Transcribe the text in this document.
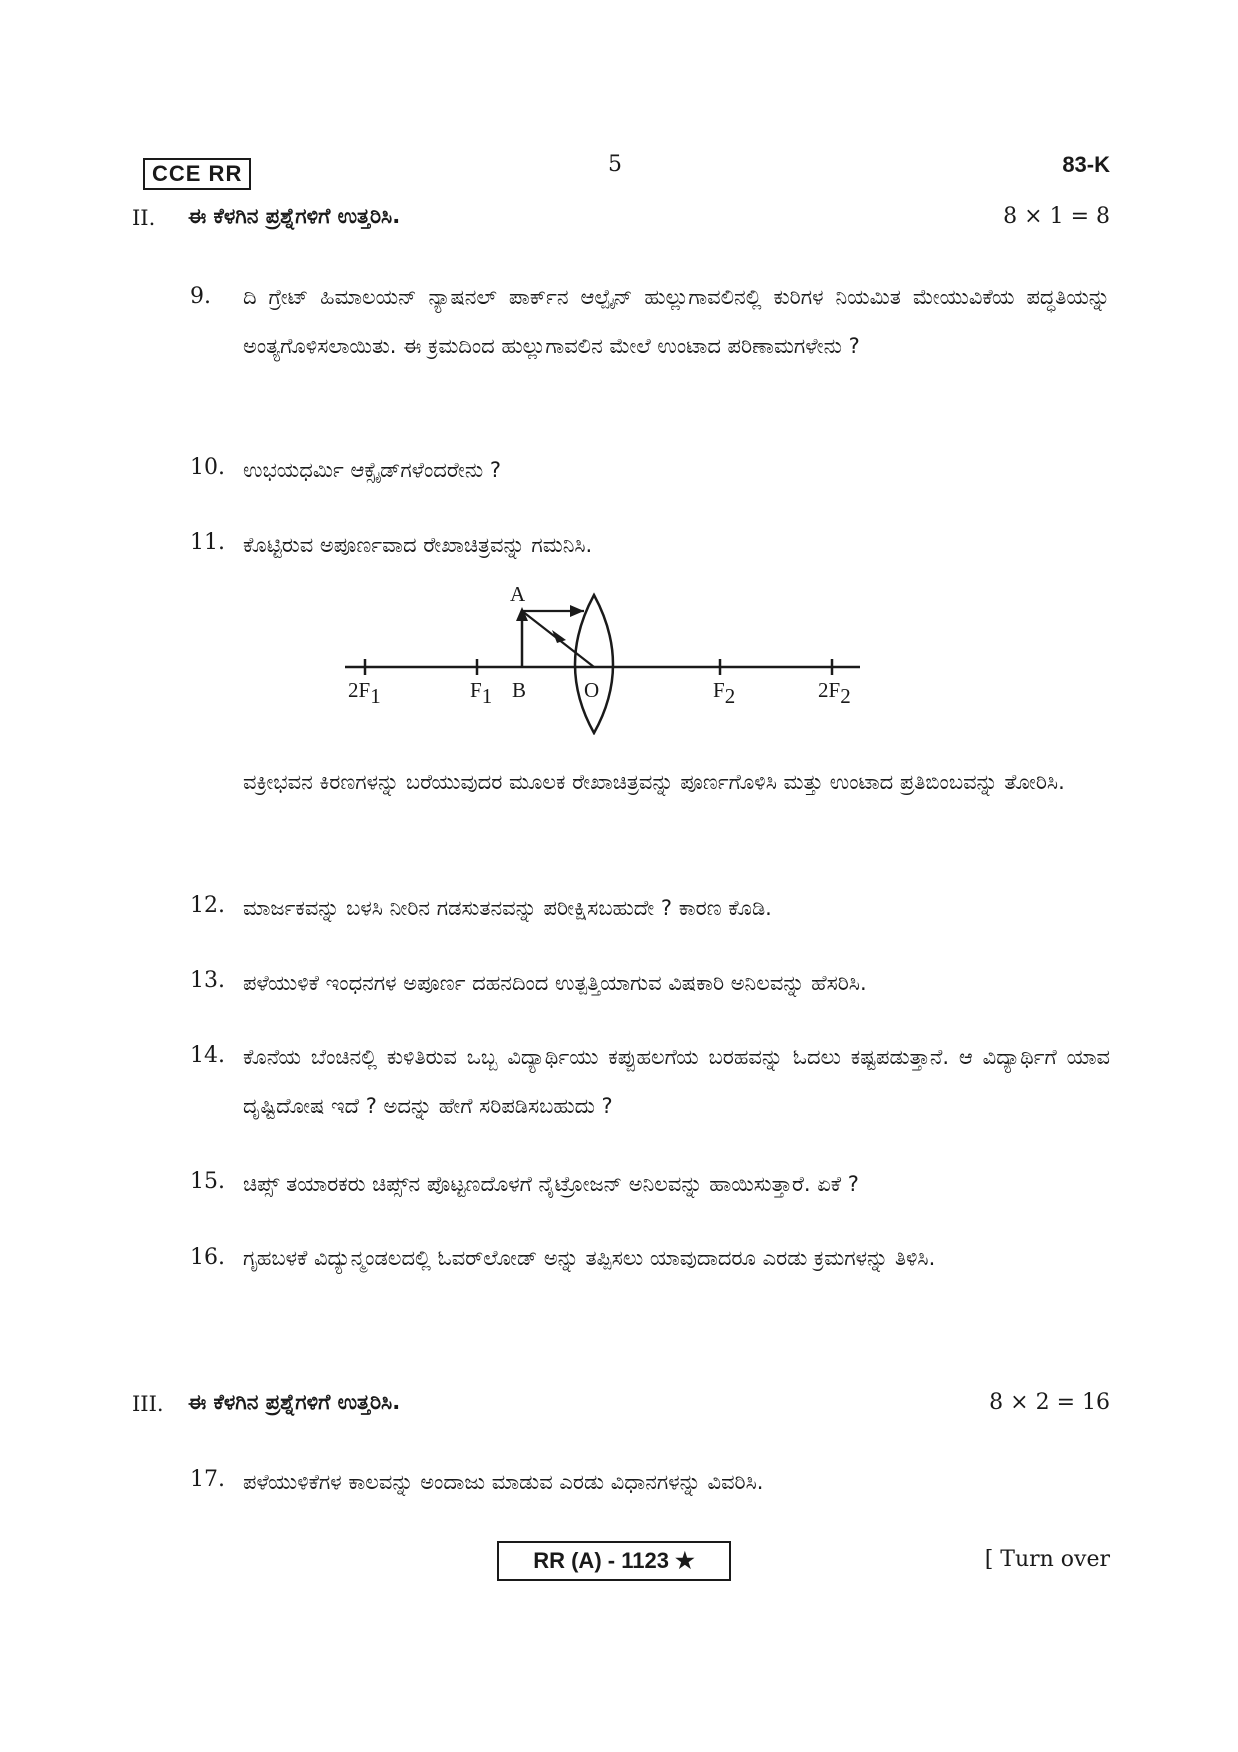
CCE RR	5	83-K
II. ಈ ಕೆಳಗಿನ ಪ್ರಶ್ನೆಗಳಿಗೆ ಉತ್ತರಿಸಿ.	8 × 1 = 8
9.	ದಿ ಗ್ರೇಟ್ ಹಿಮಾಲಯನ್ ನ್ಯಾಷನಲ್ ಪಾರ್ಕ್‌ನ ಆಲ್ಪೈನ್ ಹುಲ್ಲುಗಾವಲಿನಲ್ಲಿ ಕುರಿಗಳ ನಿಯಮಿತ ಮೇಯುವಿಕೆಯ ಪದ್ಧತಿಯನ್ನು ಅಂತ್ಯಗೊಳಿಸಲಾಯಿತು. ಈ ಕ್ರಮದಿಂದ ಹುಲ್ಲುಗಾವಲಿನ ಮೇಲೆ ಉಂಟಾದ ಪರಿಣಾಮಗಳೇನು ?
10. ಉಭಯಧರ್ಮಿ ಆಕ್ಸೈಡ್‌ಗಳೆಂದರೇನು ?
11. ಕೊಟ್ಟಿರುವ ಅಪೂರ್ಣವಾದ ರೇಖಾಚಿತ್ರವನ್ನು ಗಮನಿಸಿ.
A
B	O
2F1	F1	F2	2F2
ವಕ್ರೀಭವನ ಕಿರಣಗಳನ್ನು ಬರೆಯುವುದರ ಮೂಲಕ ರೇಖಾಚಿತ್ರವನ್ನು ಪೂರ್ಣಗೊಳಿಸಿ ಮತ್ತು ಉಂಟಾದ ಪ್ರತಿಬಿಂಬವನ್ನು ತೋರಿಸಿ.
12. ಮಾರ್ಜಕವನ್ನು ಬಳಸಿ ನೀರಿನ ಗಡಸುತನವನ್ನು ಪರೀಕ್ಷಿಸಬಹುದೇ ? ಕಾರಣ ಕೊಡಿ.
13. ಪಳೆಯುಳಿಕೆ ಇಂಧನಗಳ ಅಪೂರ್ಣ ದಹನದಿಂದ ಉತ್ಪತ್ತಿಯಾಗುವ ವಿಷಕಾರಿ ಅನಿಲವನ್ನು ಹೆಸರಿಸಿ.
14. ಕೊನೆಯ ಬೆಂಚಿನಲ್ಲಿ ಕುಳಿತಿರುವ ಒಬ್ಬ ವಿದ್ಯಾರ್ಥಿಯು ಕಪ್ಪುಹಲಗೆಯ ಬರಹವನ್ನು ಓದಲು ಕಷ್ಟಪಡುತ್ತಾನೆ. ಆ ವಿದ್ಯಾರ್ಥಿಗೆ ಯಾವ ದೃಷ್ಟಿದೋಷ ಇದೆ ? ಅದನ್ನು ಹೇಗೆ ಸರಿಪಡಿಸಬಹುದು ?
15. ಚಿಪ್ಸ್ ತಯಾರಕರು ಚಿಪ್ಸ್‌ನ ಪೊಟ್ಟಣದೊಳಗೆ ನೈಟ್ರೋಜನ್ ಅನಿಲವನ್ನು ಹಾಯಿಸುತ್ತಾರೆ. ಏಕೆ ?
16. ಗೃಹಬಳಕೆ ವಿದ್ಯುನ್ಮಂಡಲದಲ್ಲಿ ಓವರ್‌ಲೋಡ್ ಅನ್ನು ತಪ್ಪಿಸಲು ಯಾವುದಾದರೂ ಎರಡು ಕ್ರಮಗಳನ್ನು ತಿಳಿಸಿ.
III. ಈ ಕೆಳಗಿನ ಪ್ರಶ್ನೆಗಳಿಗೆ ಉತ್ತರಿಸಿ.	8 × 2 = 16
17. ಪಳೆಯುಳಿಕೆಗಳ ಕಾಲವನ್ನು ಅಂದಾಜು ಮಾಡುವ ಎರಡು ವಿಧಾನಗಳನ್ನು ವಿವರಿಸಿ.
RR (A) - 1123 ★	[ Turn over
